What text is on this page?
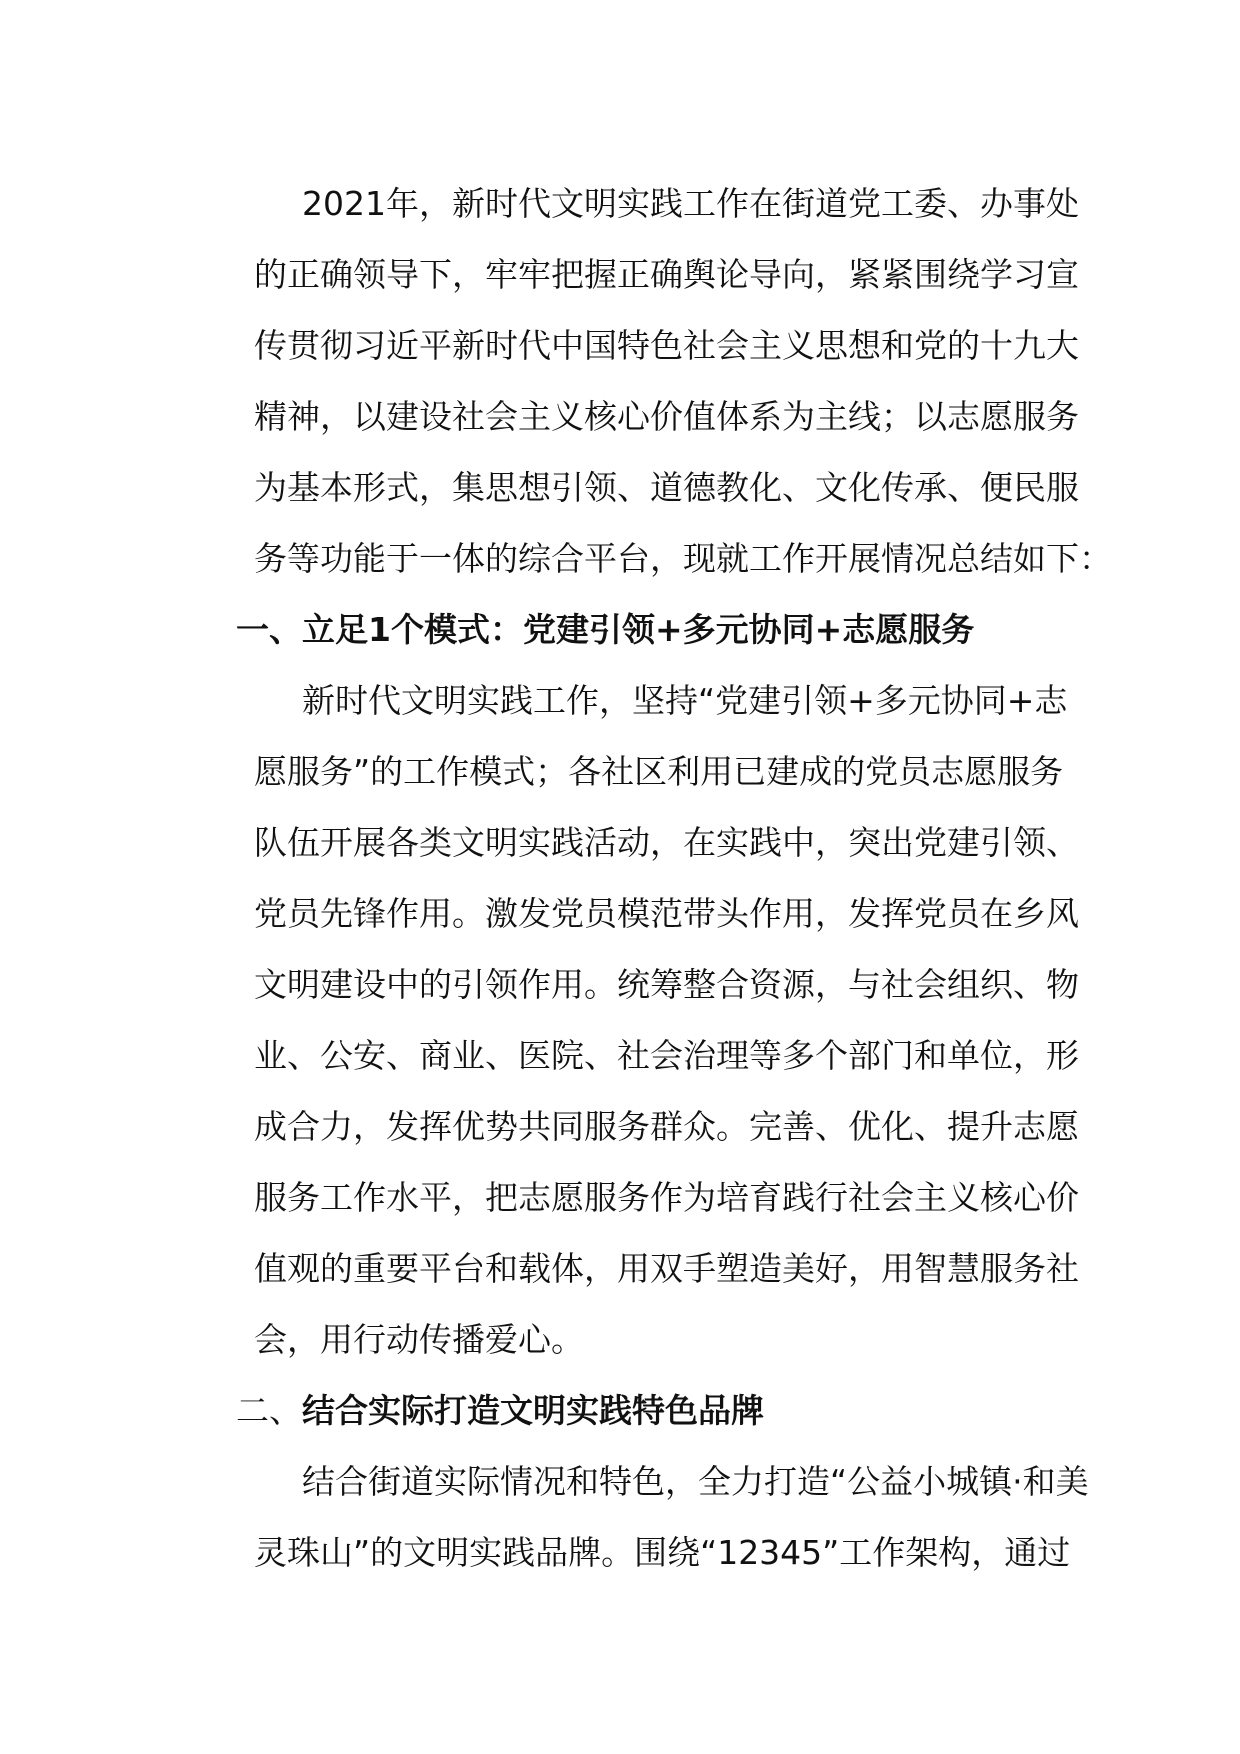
2021年，新时代文明实践工作在街道党工委、办事处
的正确领导下，牢牢把握正确舆论导向，紧紧围绕学习宣
传贯彻习近平新时代中国特色社会主义思想和党的十九大
精神，以建设社会主义核心价值体系为主线；以志愿服务
为基本形式，集思想引领、道德教化、文化传承、便民服
务等功能于一体的综合平台，现就工作开展情况总结如下：
一、立足1个模式：党建引领+多元协同+志愿服务
新时代文明实践工作，坚持“党建引领+多元协同+志
愿服务”的工作模式；各社区利用已建成的党员志愿服务
队伍开展各类文明实践活动，在实践中，突出党建引领、
党员先锋作用。激发党员模范带头作用，发挥党员在乡风
文明建设中的引领作用。统筹整合资源，与社会组织、物
业、公安、商业、医院、社会治理等多个部门和单位，形
成合力，发挥优势共同服务群众。完善、优化、提升志愿
服务工作水平，把志愿服务作为培育践行社会主义核心价
值观的重要平台和载体，用双手塑造美好，用智慧服务社
会，用行动传播爱心。
二、结合实际打造文明实践特色品牌
结合街道实际情况和特色，全力打造“公益小城镇·和美
灵珠山”的文明实践品牌。围绕“12345”工作架构，通过
